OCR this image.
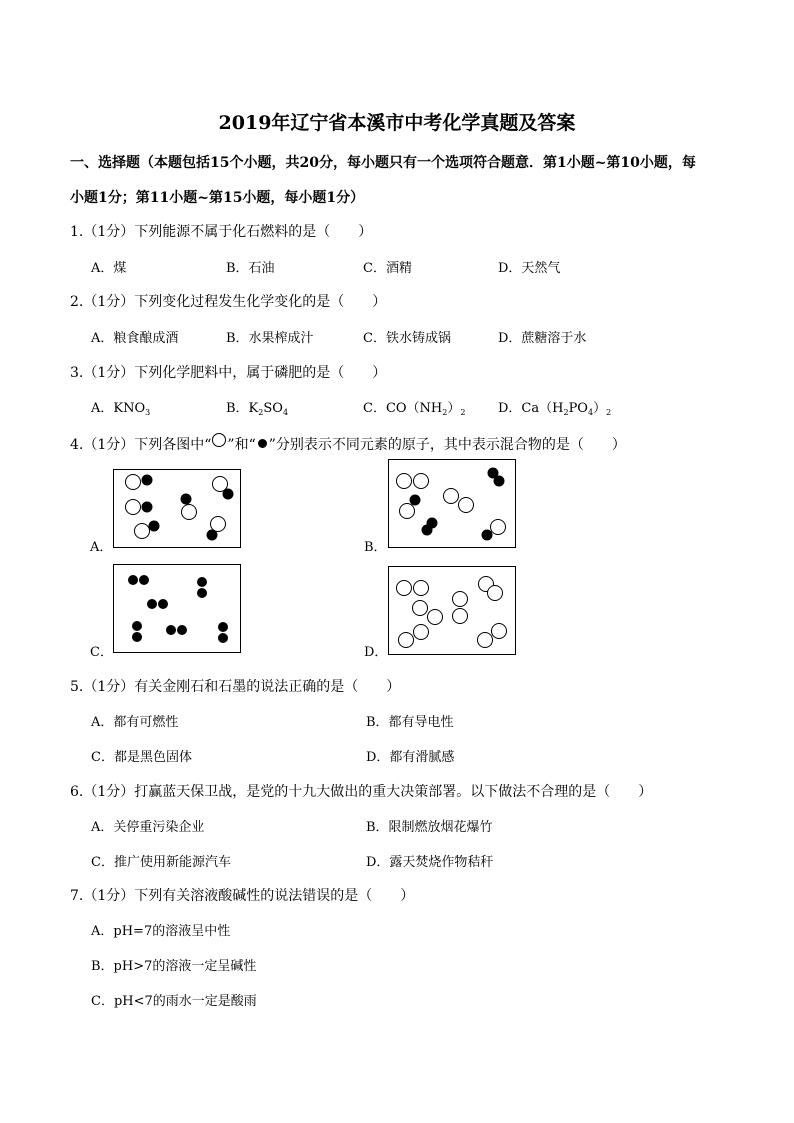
2019年辽宁省本溪市中考化学真题及答案
一、选择题（本题包括15个小题，共20分，每小题只有一个选项符合题意．第1小题~第10小题，每
小题1分；第11小题~第15小题，每小题1分）
1.（1分）下列能源不属于化石燃料的是（　　）
A．煤	B．石油	C．酒精	D．天然气
2.（1分）下列变化过程发生化学变化的是（　　）
A．粮食酿成酒	B．水果榨成汁	C．铁水铸成锅	D．蔗糖溶于水
3.（1分）下列化学肥料中，属于磷肥的是（　　）
A．$KNO_3$	B．$K_2SO_4$	C．$CO(NH_2)_2$	D．$Ca(H_2PO_4)_2$
4.（1分）下列各图中“ ”和“ ”分别表示不同元素的原子，其中表示混合物的是（　　）
A．	B．
C．	D．
5.（1分）有关金刚石和石墨的说法正确的是（　　）
A．都有可燃性	B．都有导电性
C．都是黑色固体	D．都有滑腻感
6.（1分）打赢蓝天保卫战，是党的十九大做出的重大决策部署。以下做法不合理的是（　　）
A．关停重污染企业	B．限制燃放烟花爆竹
C．推广使用新能源汽车	D．露天焚烧作物秸秆
7.（1分）下列有关溶液酸碱性的说法错误的是（　　）
A．pH=7的溶液呈中性
B．pH>7的溶液一定呈碱性
C．pH<7的雨水一定是酸雨
